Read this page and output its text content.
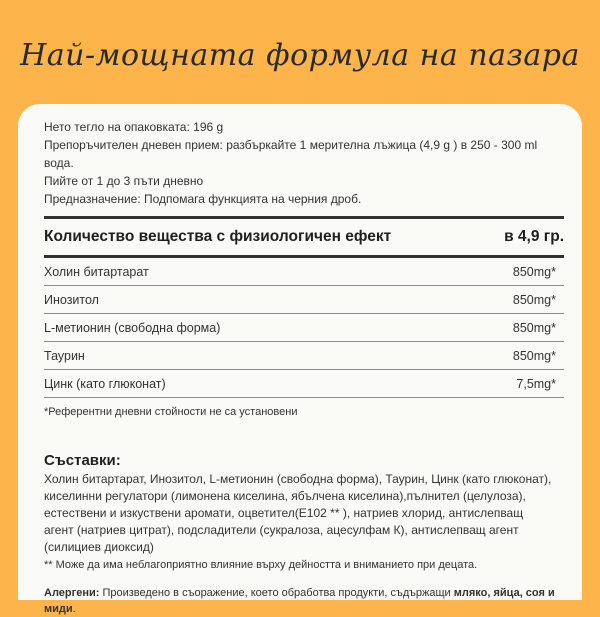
Най-мощната формула на пазара
Нето тегло на опаковката: 196 g
Препоръчителен дневен прием: разбъркайте 1 мерителна лъжица (4,9 g ) в 250 - 300 ml вода.
Пийте от 1 до 3 пъти дневно
Предназначение: Подпомага функцията на черния дроб.
Количество вещества с физиологичен ефект	в 4,9 гр.
Холин битартарат	850mg*
Инозитол	850mg*
L-метионин (свободна форма)	850mg*
Таурин	850mg*
Цинк (като глюконат)	7,5mg*
*Референтни дневни стойности не са установени
Съставки:
Холин битартарат, Инозитол, L-метионин (свободна форма), Таурин, Цинк (като глюконат),
киселинни регулатори (лимонена киселина, ябълчена киселина),пълнител (целулоза),
естествени и изкуствени аромати, оцветител(E102 ** ), натриев хлорид, антислепващ
агент (натриев цитрат), подсладители (сукралоза, ацесулфам К), антислепващ агент
(силициев диоксид)
** Може да има неблагоприятно влияние върху дейността и вниманието при децата.
Алергени: Произведено в съоражение, което обработва продукти, съдържащи мляко, яйца, соя и миди.
